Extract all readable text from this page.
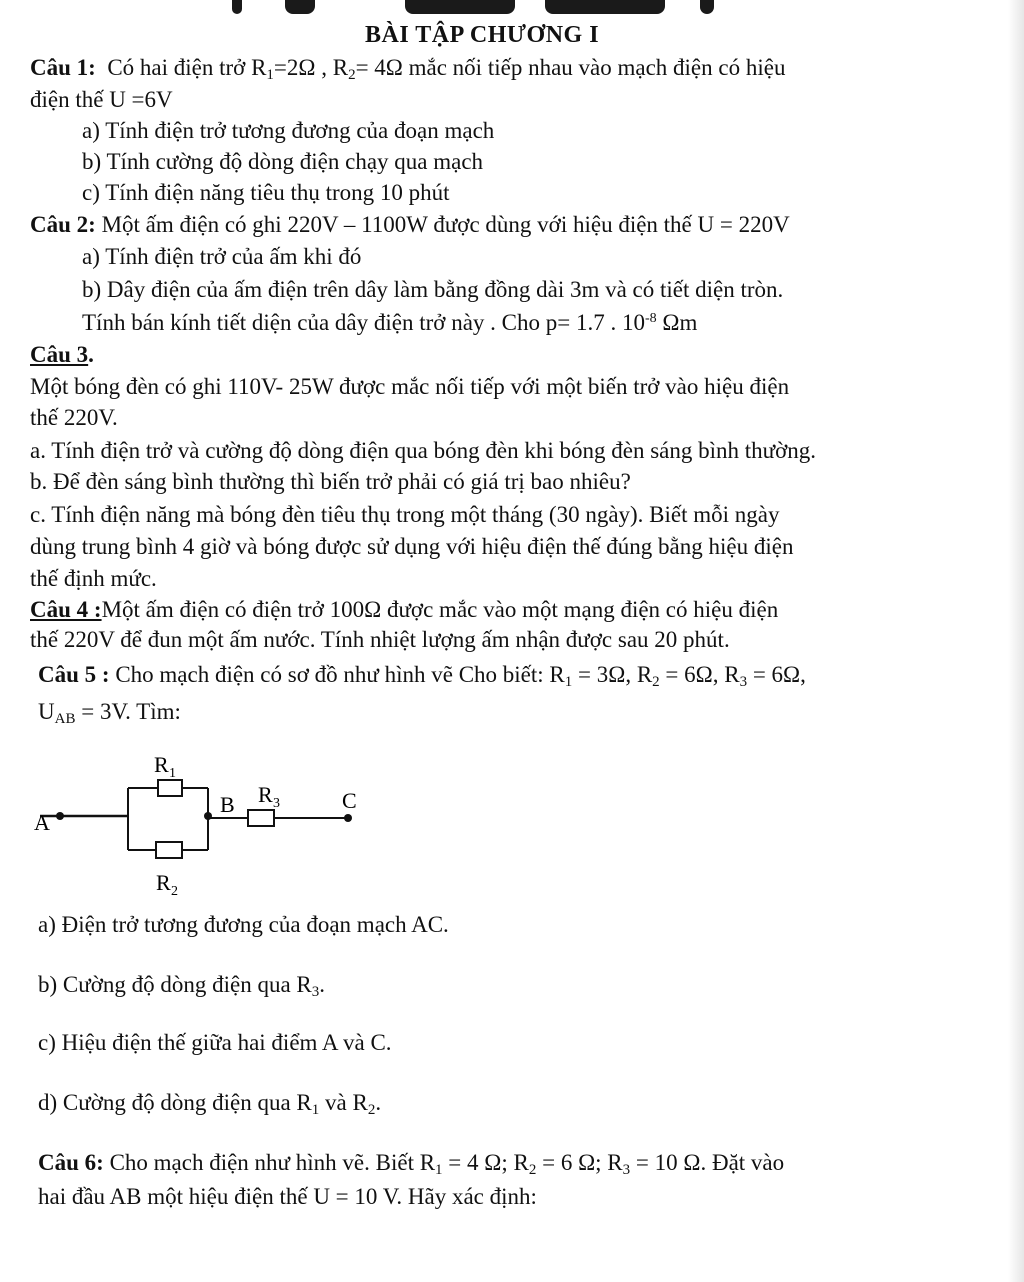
BÀI TẬP CHƯƠNG I
Câu 1: Có hai điện trở $R_1=2\Omega$ , $R_2= 4\Omega$ mắc nối tiếp nhau vào mạch điện có hiệu
điện thế U =6V
a) Tính điện trở tương đương của đoạn mạch
b) Tính cường độ dòng điện chạy qua mạch
c) Tính điện năng tiêu thụ trong 10 phút
Câu 2: Một ấm điện có ghi 220V – 1100W được dùng với hiệu điện thế U = 220V
a) Tính điện trở của ấm khi đó
b) Dây điện của ấm điện trên dây làm bằng đồng dài 3m và có tiết diện tròn.
Tính bán kính tiết diện của dây điện trở này . Cho p= 1.7 . $10^{-8}$ Ωm
Câu 3.
Một bóng đèn có ghi 110V- 25W được mắc nối tiếp với một biến trở vào hiệu điện
thế 220V.
a. Tính điện trở và cường độ dòng điện qua bóng đèn khi bóng đèn sáng bình thường.
b. Để đèn sáng bình thường thì biến trở phải có giá trị bao nhiêu?
c. Tính điện năng mà bóng đèn tiêu thụ trong một tháng (30 ngày). Biết mỗi ngày
dùng trung bình 4 giờ và bóng được sử dụng với hiệu điện thế đúng bằng hiệu điện
thế định mức.
Câu 4 :Một ấm điện có điện trở 100Ω được mắc vào một mạng điện có hiệu điện
thế 220V để đun một ấm nước. Tính nhiệt lượng ấm nhận được sau 20 phút.
Câu 5 : Cho mạch điện có sơ đồ như hình vẽ Cho biết: $R_1 = 3\Omega$, $R_2 = 6\Omega$, $R_3 = 6\Omega$,
$U_{AB} = 3V$. Tìm:
A
B	C
R 1
R 2
R 3
a) Điện trở tương đương của đoạn mạch AC.
b) Cường độ dòng điện qua $R_3$.
c) Hiệu điện thế giữa hai điểm A và C.
d) Cường độ dòng điện qua $R_1$ và $R_2$.
Câu 6: Cho mạch điện như hình vẽ. Biết $R_1 = 4$ Ω; $R_2 = 6$ Ω; $R_3 = 10$ Ω. Đặt vào
hai đầu AB một hiệu điện thế U = 10 V. Hãy xác định:
